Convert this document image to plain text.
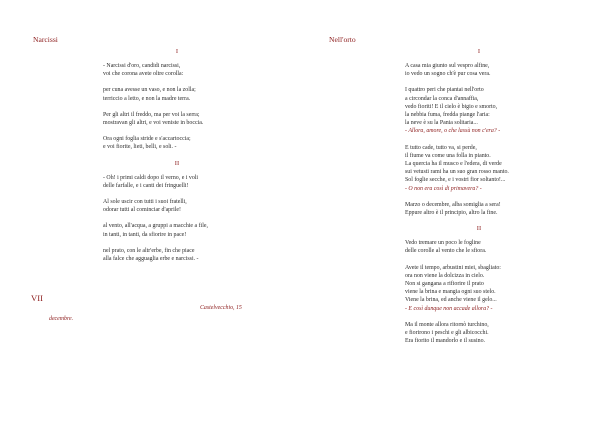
Narcissi
I
- Narcissi d'oro, candidi narcissi,
voi che corona avete oltre corolla:
per cuna avesse un vaso, e non la zolla;
terriccio a letto, e non la madre terra.
Per gli altri il freddo, ma per voi la serra;
mostravan gli altri, e voi veniste in boccia.
Ora ogni foglia stride e s'accartoccia;
e voi fiorite, lieti, belli, e soli. -
II
- Oh! i primi caldi dopo il verno, e i voli
delle farfalle, e i canti dei fringuelli!
Al sole uscir con tutti i suoi fratelli,
odorar tutti al cominciar d'aprile!
al vento, all'acqua, a gruppi a macchie a file,
in tanti, in tanti, da sfiorire in pace!
nel prato, con le altr'erbe, fin che piace
alla falce che agguaglia erbe e narcissi. -
VII
Castelvecchio, 15
decembre.
Nell'orto
I
A casa mia giunto sul vespro alfine,
io vedo un sogno ch'è pur cosa vera.
I quattro peri che piantai nell'orto
a circondar la conca d'annaffia,
vedo fioriti! E il cielo è bigio e smorto,
la nebbia fuma, fredda piange l'aria:
la neve è su la Pania solitaria...
- Allora, amore, o che lassù non c'era? -
E tutto cade, tutto va, si perde,
il fiume va come una folla in pianto.
La quercia ha il musco e l'edera, di verde
sui vetusti rami ha un suo gran rosso manto.
Sol foglie secche, e i vostri fior soltanto!...
- O non era così di primavera? -
Marzo o decembre, alba somiglia a sera!
Eppure altro è il principio, altro la fine.
II
Vedo tremare un poco le fogline
delle corolle al vento che le sfiora.
Avete il tempo, arbustini miei, sbagliato:
ora non viene la dolcizza in cielo.
Non si gangana a rifiorire il prato
viene la brina e mangia ogni suo stelo.
Viene la brina, ed anche viene il gelo...
- E così dunque non accade allora? -
Ma il monte allora ritornò turchino,
e fiorirono i peschi e gli albicocchi.
Era fiorito il mandorlo e il susino.
